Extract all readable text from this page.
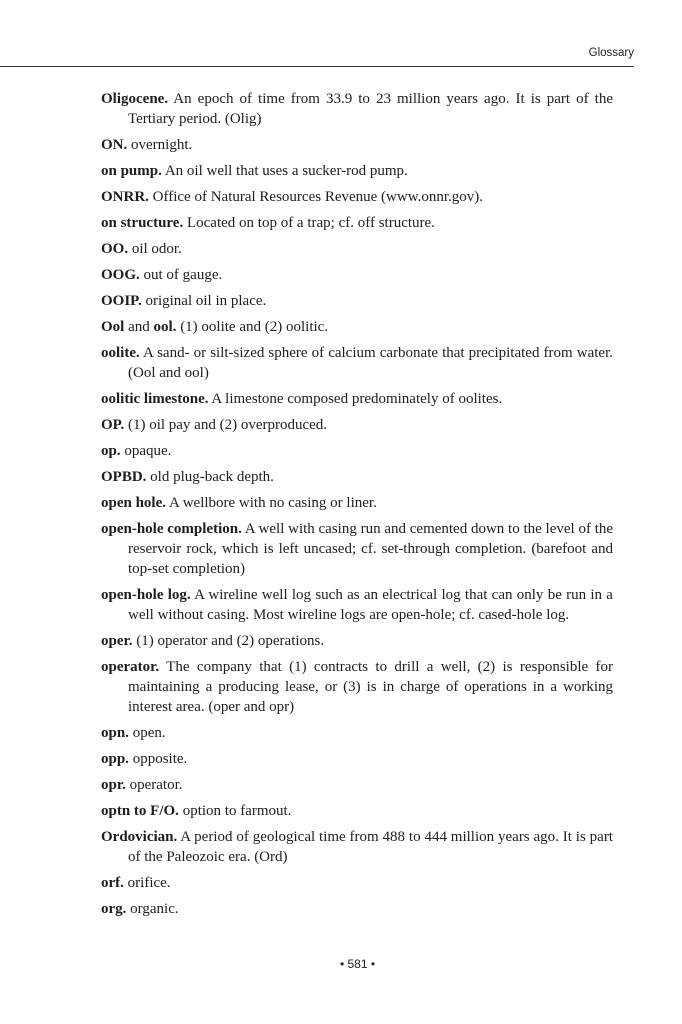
Glossary

Oligocene. An epoch of time from 33.9 to 23 million years ago. It is part of the Tertiary period. (Olig)

ON. overnight.

on pump. An oil well that uses a sucker-rod pump.

ONRR. Office of Natural Resources Revenue (www.onnr.gov).

on structure. Located on top of a trap; cf. off structure.

OO. oil odor.

OOG. out of gauge.

OOIP. original oil in place.

Ool and ool. (1) oolite and (2) oolitic.

oolite. A sand- or silt-sized sphere of calcium carbonate that precipitated from water. (Ool and ool)

oolitic limestone. A limestone composed predominately of oolites.

OP. (1) oil pay and (2) overproduced.

op. opaque.

OPBD. old plug-back depth.

open hole. A wellbore with no casing or liner.

open-hole completion. A well with casing run and cemented down to the level of the reservoir rock, which is left uncased; cf. set-through completion. (barefoot and top-set completion)

open-hole log. A wireline well log such as an electrical log that can only be run in a well without casing. Most wireline logs are open-hole; cf. cased-hole log.

oper. (1) operator and (2) operations.

operator. The company that (1) contracts to drill a well, (2) is responsible for maintaining a producing lease, or (3) is in charge of operations in a working interest area. (oper and opr)

opn. open.

opp. opposite.

opr. operator.

optn to F/O. option to farmout.

Ordovician. A period of geological time from 488 to 444 million years ago. It is part of the Paleozoic era. (Ord)

orf. orifice.

org. organic.

• 581 •
